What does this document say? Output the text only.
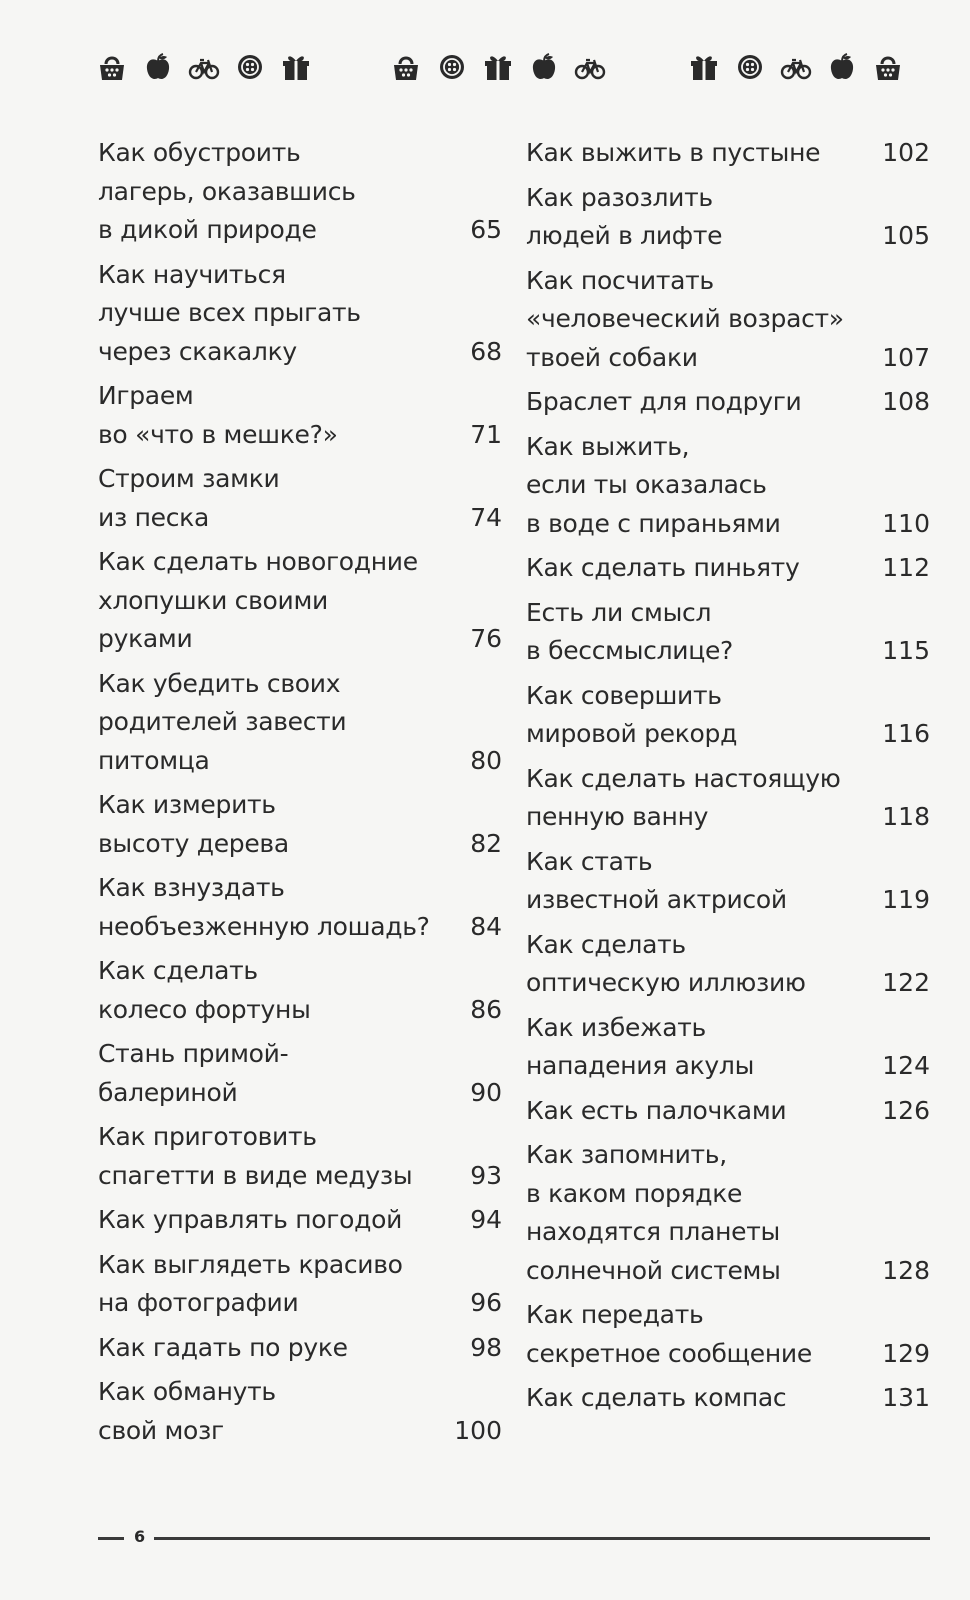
Как обустроить
лагерь, оказавшись
в дикой природе	65
Как научиться
лучше всех прыгать
через скакалку	68
Играем
во «что в мешке?»	71
Строим замки
из песка	74
Как сделать новогодние
хлопушки своими
руками	76
Как убедить своих
родителей завести
питомца	80
Как измерить
высоту дерева	82
Как взнуздать
необъезженную лошадь?	84
Как сделать
колесо фортуны	86
Стань примой-
балериной	90
Как приготовить
спагетти в виде медузы	93
Как управлять погодой	94
Как выглядеть красиво
на фотографии	96
Как гадать по руке	98
Как обмануть
свой мозг	100
Как выжить в пустыне	102
Как разозлить
людей в лифте	105
Как посчитать
«человеческий возраст»
твоей собаки	107
Браслет для подруги	108
Как выжить,
если ты оказалась
в воде с пираньями	110
Как сделать пиньяту	112
Есть ли смысл
в бессмыслице?	115
Как совершить
мировой рекорд	116
Как сделать настоящую
пенную ванну	118
Как стать
известной актрисой	119
Как сделать
оптическую иллюзию	122
Как избежать
нападения акулы	124
Как есть палочками	126
Как запомнить,
в каком порядке
находятся планеты
солнечной системы	128
Как передать
секретное сообщение	129
Как сделать компас	131
6
